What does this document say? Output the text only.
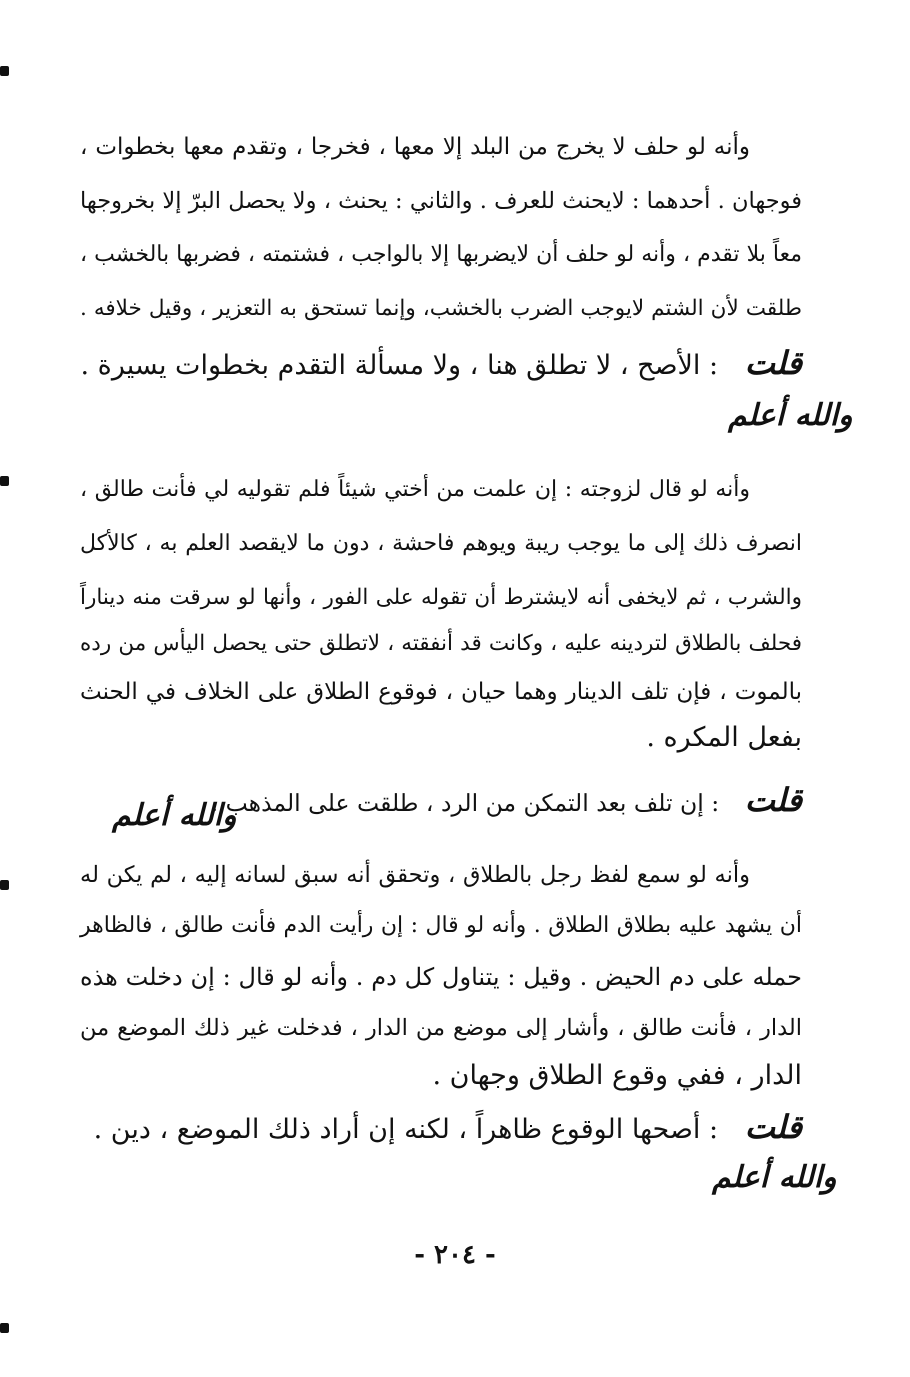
وأنه لو حلف لا يخرج من البلد إلا معها ، فخرجا ، وتقدم معها بخطوات ،
فوجهان . أحدهما : لايحنث للعرف . والثاني : يحنث ، ولا يحصل البرّ إلا بخروجها
معاً بلا تقدم ، وأنه لو حلف أن لايضربها إلا بالواجب ، فشتمته ، فضربها بالخشب ،
طلقت لأن الشتم لايوجب الضرب بالخشب، وإنما تستحق به التعزير ، وقيل خلافه .
قلت : الأصح ، لا تطلق هنا ، ولا مسألة التقدم بخطوات يسيرة .
والله أعلم
وأنه لو قال لزوجته : إن علمت من أختي شيئاً فلم تقوليه لي فأنت طالق ،
انصرف ذلك إلى ما يوجب ريبة ويوهم فاحشة ، دون ما لايقصد العلم به ، كالأكل
والشرب ، ثم لايخفى أنه لايشترط أن تقوله على الفور ، وأنها لو سرقت منه ديناراً
فحلف بالطلاق لتردينه عليه ، وكانت قد أنفقته ، لاتطلق حتى يحصل اليأس من رده
بالموت ، فإن تلف الدينار وهما حيان ، فوقوع الطلاق على الخلاف في الحنث
بفعل المكره .
قلت : إن تلف بعد التمكن من الرد ، طلقت على المذهب .
والله أعلم
وأنه لو سمع لفظ رجل بالطلاق ، وتحقق أنه سبق لسانه إليه ، لم يكن له
أن يشهد عليه بطلاق الطلاق . وأنه لو قال : إن رأيت الدم فأنت طالق ، فالظاهر
حمله على دم الحيض . وقيل : يتناول كل دم . وأنه لو قال : إن دخلت هذه
الدار ، فأنت طالق ، وأشار إلى موضع من الدار ، فدخلت غير ذلك الموضع من
الدار ، ففي وقوع الطلاق وجهان .
قلت : أصحها الوقوع ظاهراً ، لكنه إن أراد ذلك الموضع ، دين .
والله أعلم
- ٢٠٤ -
